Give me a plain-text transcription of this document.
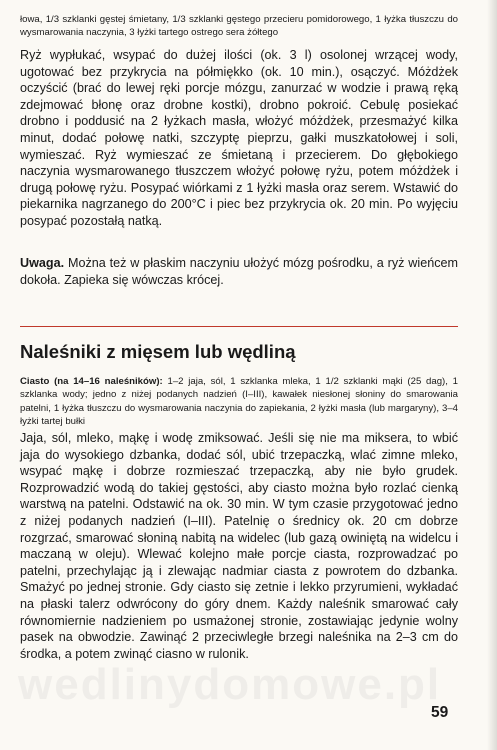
łowa, 1/3 szklanki gęstej śmietany, 1/3 szklanki gęstego przecieru pomidorowego, 1 łyżka tłuszczu do wysmarowania naczynia, 3 łyżki tartego ostrego sera żółtego
Ryż wypłukać, wsypać do dużej ilości (ok. 3 l) osolonej wrzącej wody, ugotować bez przykrycia na półmiękko (ok. 10 min.), osączyć. Móżdżek oczyścić (brać do lewej ręki porcje mózgu, zanurzać w wodzie i prawą ręką zdejmować błonę oraz drobne kostki), drobno pokroić. Cebulę posiekać drobno i poddusić na 2 łyżkach masła, włożyć móżdżek, przesmażyć kilka minut, dodać połowę natki, szczyptę pieprzu, gałki muszkatołowej i soli, wymieszać. Ryż wymieszać ze śmietaną i przecierem. Do głębokiego naczynia wysmarowanego tłuszczem włożyć połowę ryżu, potem móżdżek i drugą połowę ryżu. Posypać wiórkami z 1 łyżki masła oraz serem. Wstawić do piekarnika nagrzanego do 200°C i piec bez przykrycia ok. 20 min. Po wyjęciu posypać pozostałą natką.
Uwaga. Można też w płaskim naczyniu ułożyć mózg pośrodku, a ryż wieńcem dokoła. Zapieka się wówczas krócej.
Naleśniki z mięsem lub wędliną
Ciasto (na 14–16 naleśników): 1–2 jaja, sól, 1 szklanka mleka, 1 1/2 szklanki mąki (25 dag), 1 szklanka wody; jedno z niżej podanych nadzień (I–III), kawałek niesłonej słoniny do smarowania patelni, 1 łyżka tłuszczu do wysmarowania naczynia do zapiekania, 2 łyżki masła (lub margaryny), 3–4 łyżki tartej bułki
Jaja, sól, mleko, mąkę i wodę zmiksować. Jeśli się nie ma miksera, to wbić jaja do wysokiego dzbanka, dodać sól, ubić trzepaczką, wlać zimne mleko, wsypać mąkę i dobrze rozmieszać trzepaczką, aby nie było grudek. Rozprowadzić wodą do takiej gęstości, aby ciasto można było rozlać cienką warstwą na patelni. Odstawić na ok. 30 min. W tym czasie przygotować jedno z niżej podanych nadzień (I–III). Patelnię o średnicy ok. 20 cm dobrze rozgrzać, smarować słoniną nabitą na widelec (lub gazą owiniętą na widelcu i maczaną w oleju). Wlewać kolejno małe porcje ciasta, rozprowadzać po patelni, przechylając ją i zlewając nadmiar ciasta z powrotem do dzbanka. Smażyć po jednej stronie. Gdy ciasto się zetnie i lekko przyrumieni, wykładać na płaski talerz odwrócony do góry dnem. Każdy naleśnik smarować cały równomiernie nadzieniem po usmażonej stronie, zostawiając jedynie wolny pasek na obwodzie. Zawinąć 2 przeciwległe brzegi naleśnika na 2–3 cm do środka, a potem zwinąć ciasno w rulonik.
wedlinydomowe.pl
59
